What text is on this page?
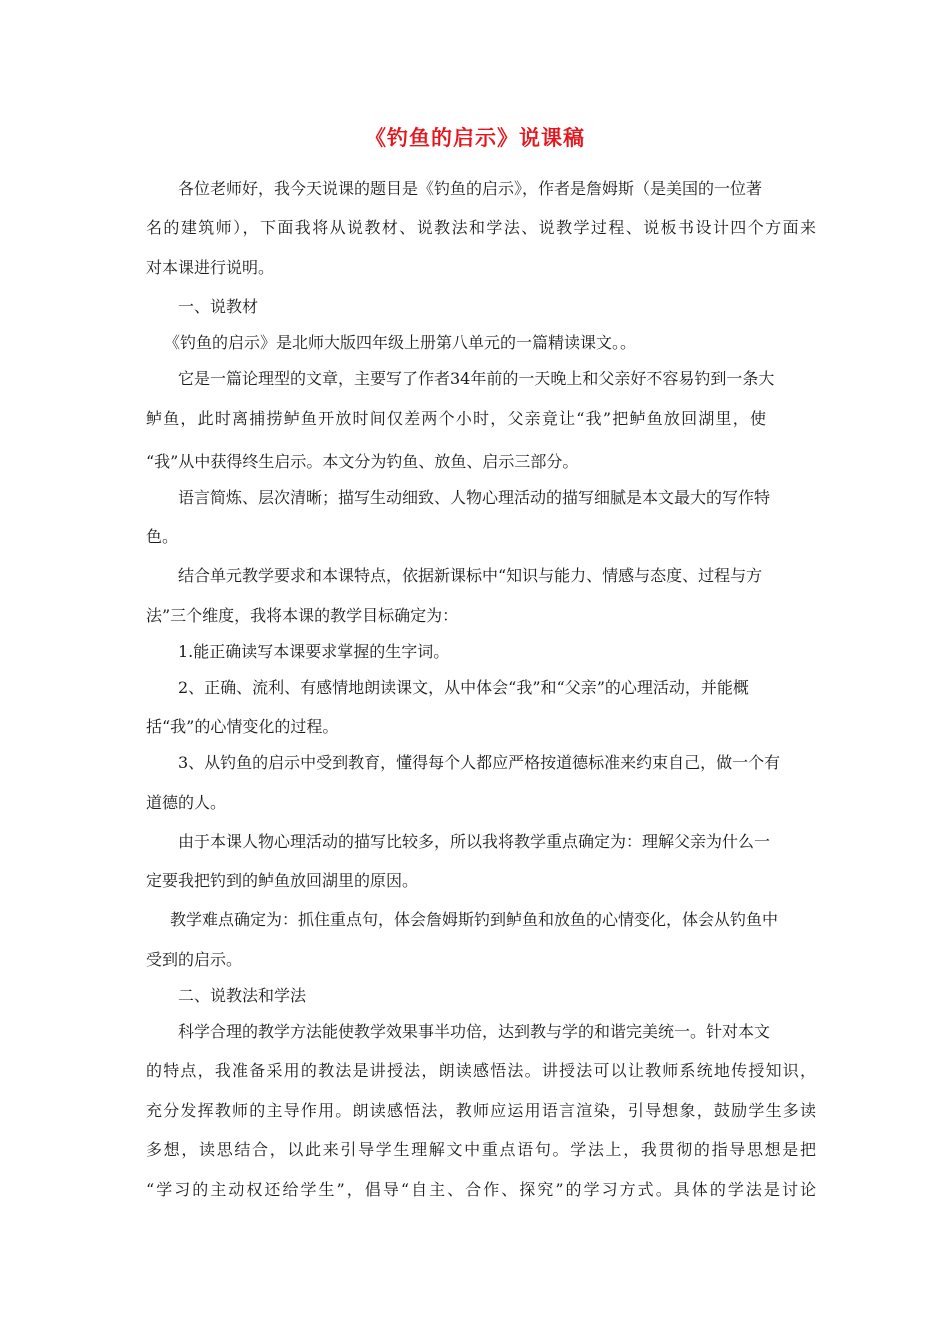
《钓鱼的启示》说课稿
各位老师好，我今天说课的题目是《钓鱼的启示》，作者是詹姆斯（是美国的一位著
名的建筑师），下面我将从说教材、说教法和学法、说教学过程、说板书设计四个方面来
对本课进行说明。
一、说教材
《钓鱼的启示》是北师大版四年级上册第八单元的一篇精读课文。。
它是一篇论理型的文章，主要写了作者34年前的一天晚上和父亲好不容易钓到一条大
鲈鱼，此时离捕捞鲈鱼开放时间仅差两个小时，父亲竟让“我”把鲈鱼放回湖里，使
“我”从中获得终生启示。本文分为钓鱼、放鱼、启示三部分。
语言简炼、层次清晰；描写生动细致、人物心理活动的描写细腻是本文最大的写作特
色。
结合单元教学要求和本课特点，依据新课标中“知识与能力、情感与态度、过程与方
法”三个维度，我将本课的教学目标确定为：
1.能正确读写本课要求掌握的生字词。
2、正确、流利、有感情地朗读课文，从中体会“我”和“父亲”的心理活动，并能概
括“我”的心情变化的过程。
3、从钓鱼的启示中受到教育，懂得每个人都应严格按道德标准来约束自己，做一个有
道德的人。
由于本课人物心理活动的描写比较多，所以我将教学重点确定为：理解父亲为什么一
定要我把钓到的鲈鱼放回湖里的原因。
教学难点确定为：抓住重点句，体会詹姆斯钓到鲈鱼和放鱼的心情变化，体会从钓鱼中
受到的启示。
二、说教法和学法
科学合理的教学方法能使教学效果事半功倍，达到教与学的和谐完美统一。针对本文
的特点，我准备采用的教法是讲授法，朗读感悟法。讲授法可以让教师系统地传授知识，
充分发挥教师的主导作用。朗读感悟法，教师应运用语言渲染，引导想象，鼓励学生多读
多想，读思结合，以此来引导学生理解文中重点语句。学法上，我贯彻的指导思想是把
“学习的主动权还给学生”，倡导“自主、合作、探究”的学习方式。具体的学法是讨论
